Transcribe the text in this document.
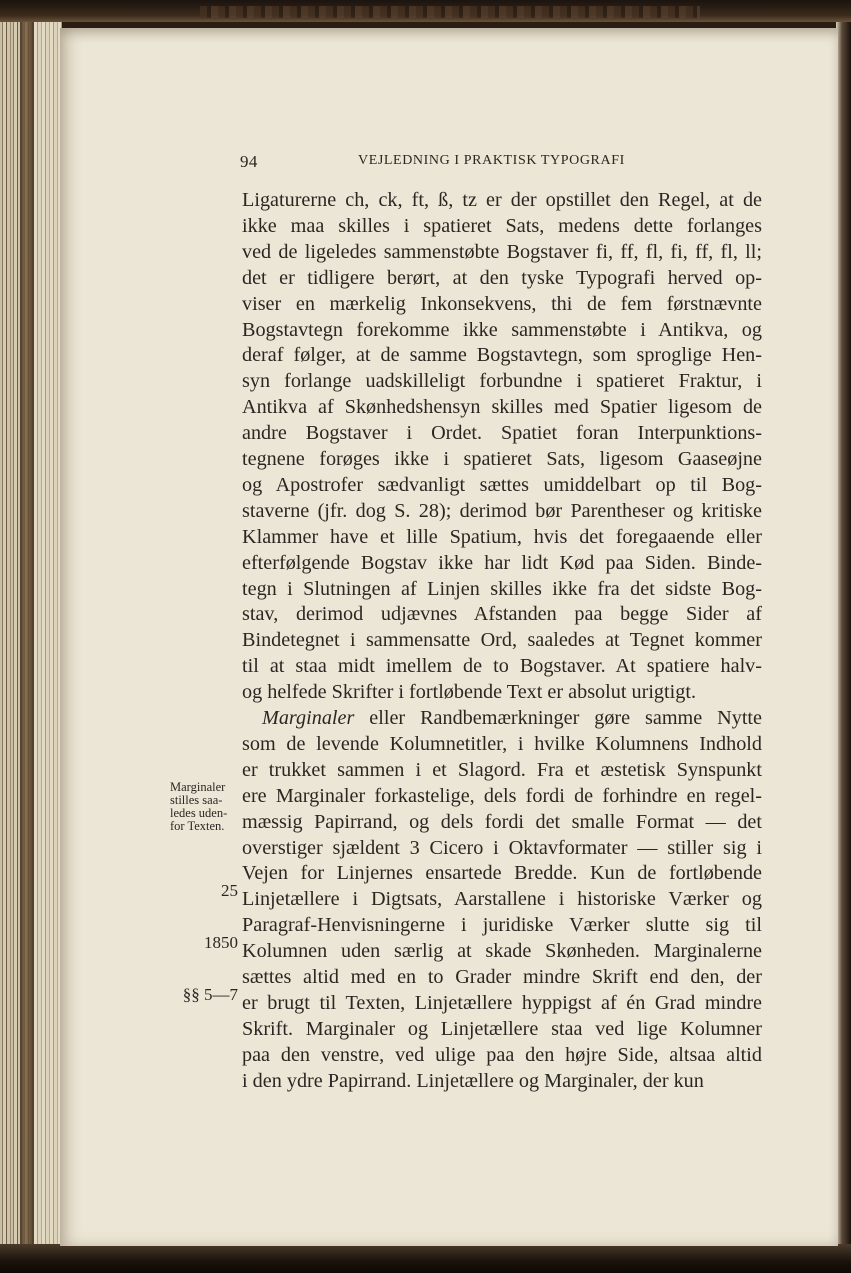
94	VEJLEDNING I PRAKTISK TYPOGRAFI
Ligaturerne ch, ck, ft, ß, tz er der opstillet den Regel, at de
ikke maa skilles i spatieret Sats, medens dette forlanges
ved de ligeledes sammenstøbte Bogstaver fi, ff, fl, fi, ff, fl, ll;
det er tidligere berørt, at den tyske Typografi herved op-
viser en mærkelig Inkonsekvens, thi de fem førstnævnte
Bogstavtegn forekomme ikke sammenstøbte i Antikva, og
deraf følger, at de samme Bogstavtegn, som sproglige Hen-
syn forlange uadskilleligt forbundne i spatieret Fraktur, i
Antikva af Skønhedshensyn skilles med Spatier ligesom de
andre Bogstaver i Ordet. Spatiet foran Interpunktions-
tegnene forøges ikke i spatieret Sats, ligesom Gaaseøjne
og Apostrofer sædvanligt sættes umiddelbart op til Bog-
staverne (jfr. dog S. 28); derimod bør Parentheser og kritiske
Klammer have et lille Spatium, hvis det foregaaende eller
efterfølgende Bogstav ikke har lidt Kød paa Siden. Binde-
tegn i Slutningen af Linjen skilles ikke fra det sidste Bog-
stav, derimod udjævnes Afstanden paa begge Sider af
Bindetegnet i sammensatte Ord, saaledes at Tegnet kommer
til at staa midt imellem de to Bogstaver. At spatiere halv-
og helfede Skrifter i fortløbende Text er absolut urigtigt.
Marginaler eller Randbemærkninger gøre samme Nytte
som de levende Kolumnetitler, i hvilke Kolumnens Indhold
er trukket sammen i et Slagord. Fra et æstetisk Synspunkt
ere Marginaler forkastelige, dels fordi de forhindre en regel-
mæssig Papirrand, og dels fordi det smalle Format — det
overstiger sjældent 3 Cicero i Oktavformater — stiller sig i
Vejen for Linjernes ensartede Bredde. Kun de fortløbende
Linjetællere i Digtsats, Aarstallene i historiske Værker og
Paragraf-Henvisningerne i juridiske Værker slutte sig til
Kolumnen uden særlig at skade Skønheden. Marginalerne
sættes altid med en to Grader mindre Skrift end den, der
er brugt til Texten, Linjetællere hyppigst af én Grad mindre
Skrift. Marginaler og Linjetællere staa ved lige Kolumner
paa den venstre, ved ulige paa den højre Side, altsaa altid
i den ydre Papirrand. Linjetællere og Marginaler, der kun
Marginaler
stilles saa-
ledes uden-
for Texten.
25
1850
§§ 5—7
